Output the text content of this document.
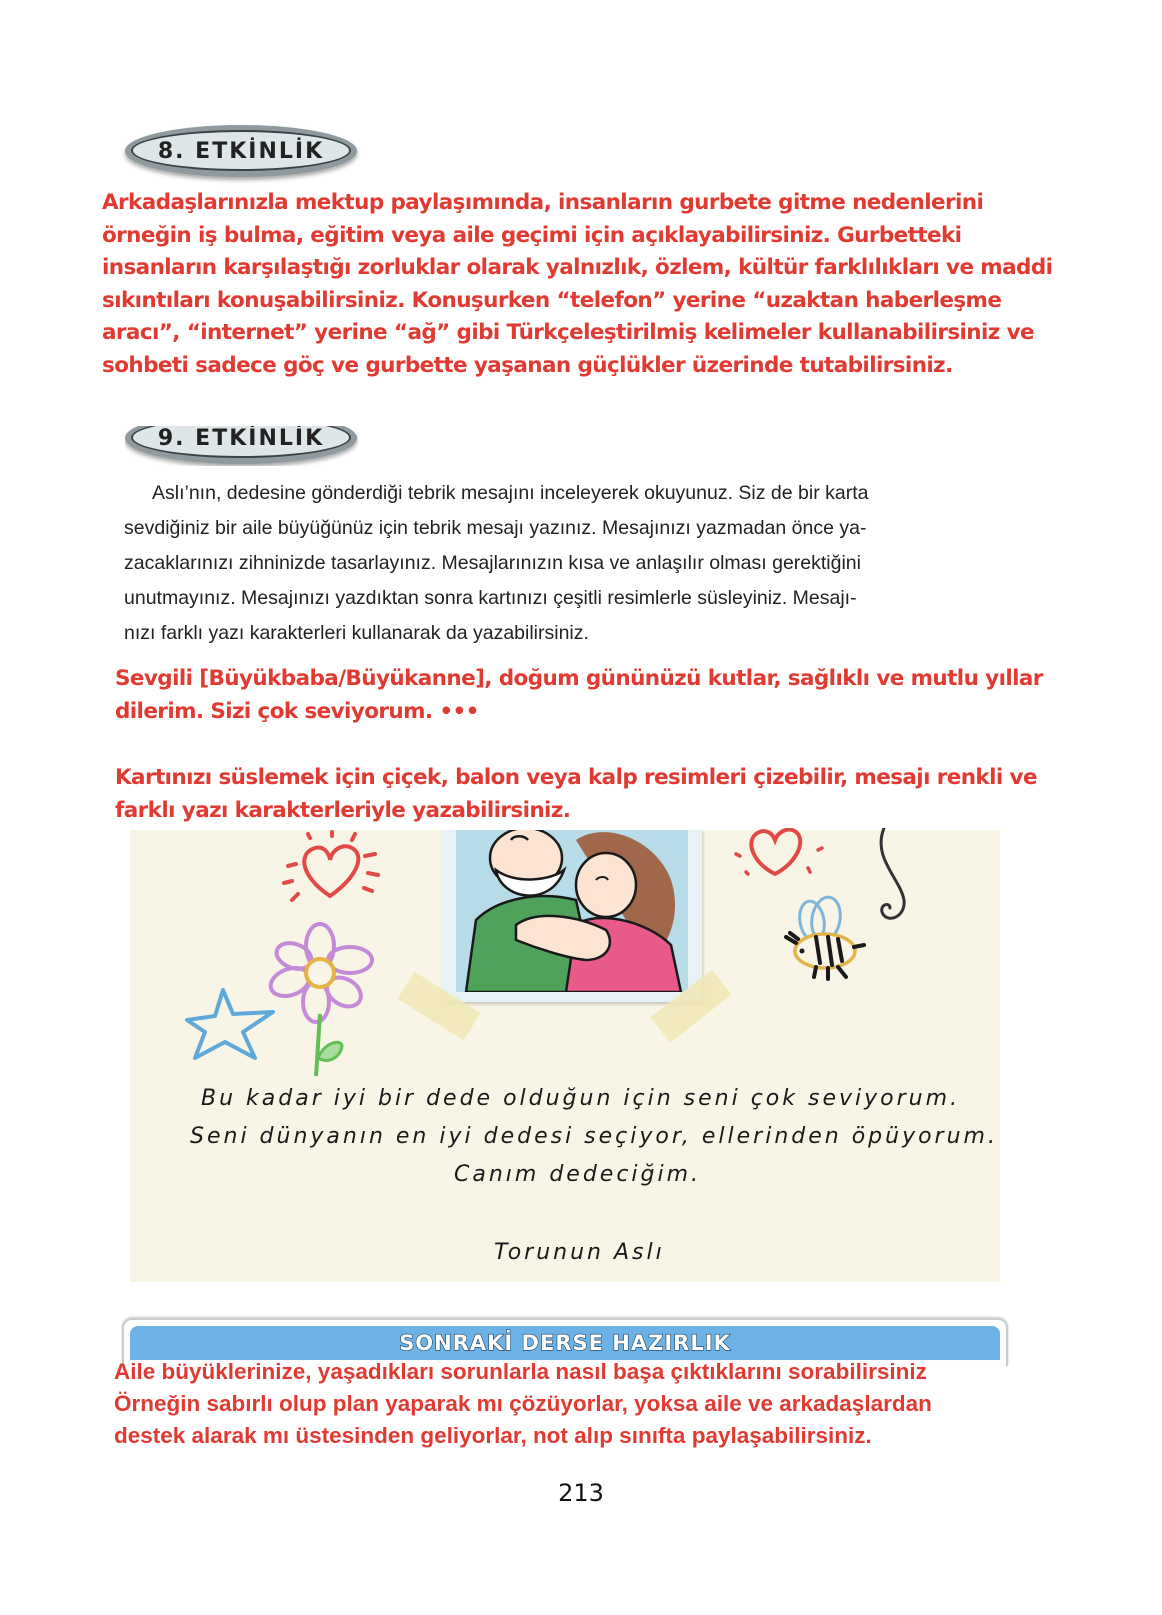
8. ETKİNLİK
Arkadaşlarınızla mektup paylaşımında, insanların gurbete gitme nedenlerini
örneğin iş bulma, eğitim veya aile geçimi için açıklayabilirsiniz. Gurbetteki
insanların karşılaştığı zorluklar olarak yalnızlık, özlem, kültür farklılıkları ve maddi
sıkıntıları konuşabilirsiniz. Konuşurken “telefon” yerine “uzaktan haberleşme
aracı”, “internet” yerine “ağ” gibi Türkçeleştirilmiş kelimeler kullanabilirsiniz ve
sohbeti sadece göç ve gurbette yaşanan güçlükler üzerinde tutabilirsiniz.
9. ETKİNLİK
Aslı’nın, dedesine gönderdiği tebrik mesajını inceleyerek okuyunuz. Siz de bir karta
sevdiğiniz bir aile büyüğünüz için tebrik mesajı yazınız. Mesajınızı yazmadan önce ya-
zacaklarınızı zihninizde tasarlayınız. Mesajlarınızın kısa ve anlaşılır olması gerektiğini
unutmayınız. Mesajınızı yazdıktan sonra kartınızı çeşitli resimlerle süsleyiniz. Mesajı-
nızı farklı yazı karakterleri kullanarak da yazabilirsiniz.
Sevgili [Büyükbaba/Büyükanne], doğum gününüzü kutlar, sağlıklı ve mutlu yıllar
dilerim. Sizi çok seviyorum. •••
Kartınızı süslemek için çiçek, balon veya kalp resimleri çizebilir, mesajı renkli ve
farklı yazı karakterleriyle yazabilirsiniz.
Bu kadar iyi bir dede olduğun için seni çok seviyorum.
Seni dünyanın en iyi dedesi seçiyor, ellerinden öpüyorum.
Canım dedeciğim.
Torunun Aslı
SONRAKİ DERSE HAZIRLIK
Aile büyüklerinize, yaşadıkları sorunlarla nasıl başa çıktıklarını sorabilirsiniz
Örneğin sabırlı olup plan yaparak mı çözüyorlar, yoksa aile ve arkadaşlardan
destek alarak mı üstesinden geliyorlar, not alıp sınıfta paylaşabilirsiniz.
213
